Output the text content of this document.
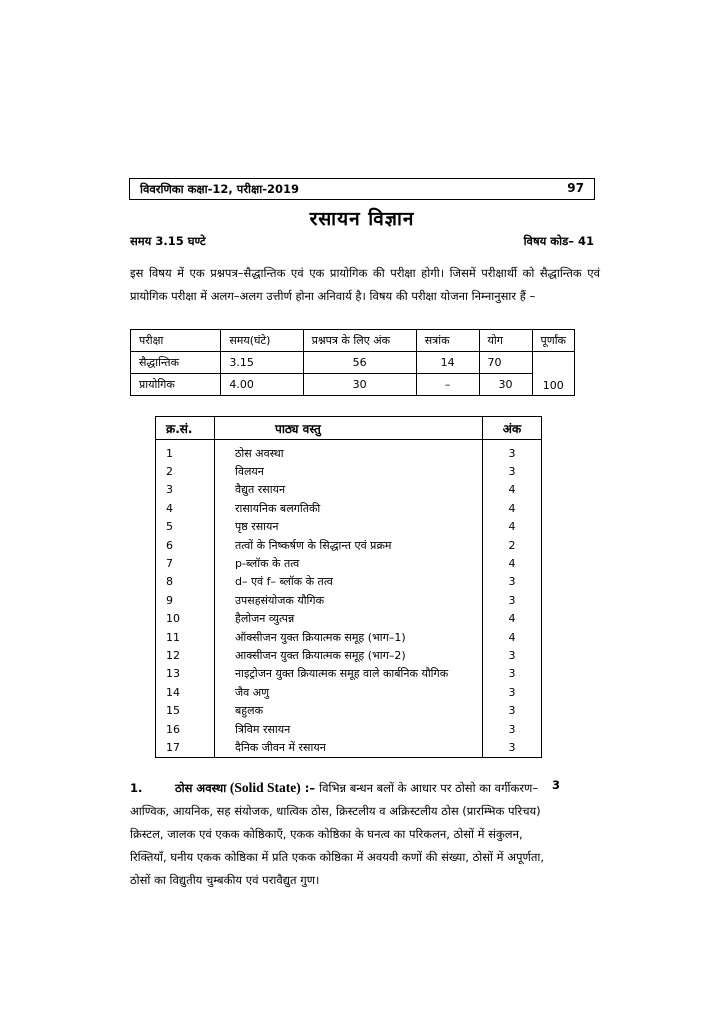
विवरणिका कक्षा-12, परीक्षा-2019	97
रसायन विज्ञान
समय 3.15 घण्टे	विषय कोड– 41
इस विषय में एक प्रश्नपत्र–सैद्धान्तिक एवं एक प्रायोगिक की परीक्षा होगी। जिसमें परीक्षार्थी को सैद्धान्तिक एवं प्रायोगिक परीक्षा में अलग–अलग उत्तीर्ण होना अनिवार्य है। विषय की परीक्षा योजना निम्नानुसार हैं –
परीक्षा	समय(घंटे)	प्रश्नपत्र के लिए अंक	सत्रांक	योग	पूर्णांक
सैद्धान्तिक	3.15	56	14	70	100
प्रायोगिक	4.00	30	–	30	
क्र.सं.	पाठ्य वस्तु	अंक
1	ठोस अवस्था	3
2	विलयन	3
3	वैद्युत रसायन	4
4	रासायनिक बलगतिकी	4
5	पृष्ठ रसायन	4
6	तत्वों के निष्कर्षण के सिद्धान्त एवं प्रक्रम	2
7	p-ब्लॉक के तत्व	4
8	d– एवं f– ब्लॉक के तत्व	3
9	उपसहसंयोजक यौगिक	3
10	हैलोजन व्युत्पन्न	4
11	ऑक्सीजन युक्त क्रियात्मक समूह (भाग–1)	4
12	आक्सीजन युक्त क्रियात्मक समूह (भाग–2)	3
13	नाइट्रोजन युक्त क्रियात्मक समूह वाले कार्बनिक यौगिक	3
14	जैव अणु	3
15	बहुलक	3
16	त्रिविम रसायन	3
17	दैनिक जीवन में रसायन	3
1.	ठोस अवस्था (Solid State) :– विभिन्न बन्धन बलों के आधार पर ठोसो का वर्गीकरण– आण्विक, आयनिक, सह संयोजक, धात्विक ठोस, क्रिस्टलीय व अक्रिस्टलीय ठोस (प्रारम्भिक परिचय) क्रिस्टल, जालक एवं एकक कोष्ठिकाएँ, एकक कोष्ठिका के घनत्व का परिकलन, ठोसों में संकुलन, रिक्तियाँ, घनीय एकक कोष्ठिका में प्रति एकक कोष्ठिका में अवयवी कणों की संख्या, ठोसों में अपूर्णता, ठोसों का विद्युतीय चुम्बकीय एवं परावैद्युत गुण।
3
